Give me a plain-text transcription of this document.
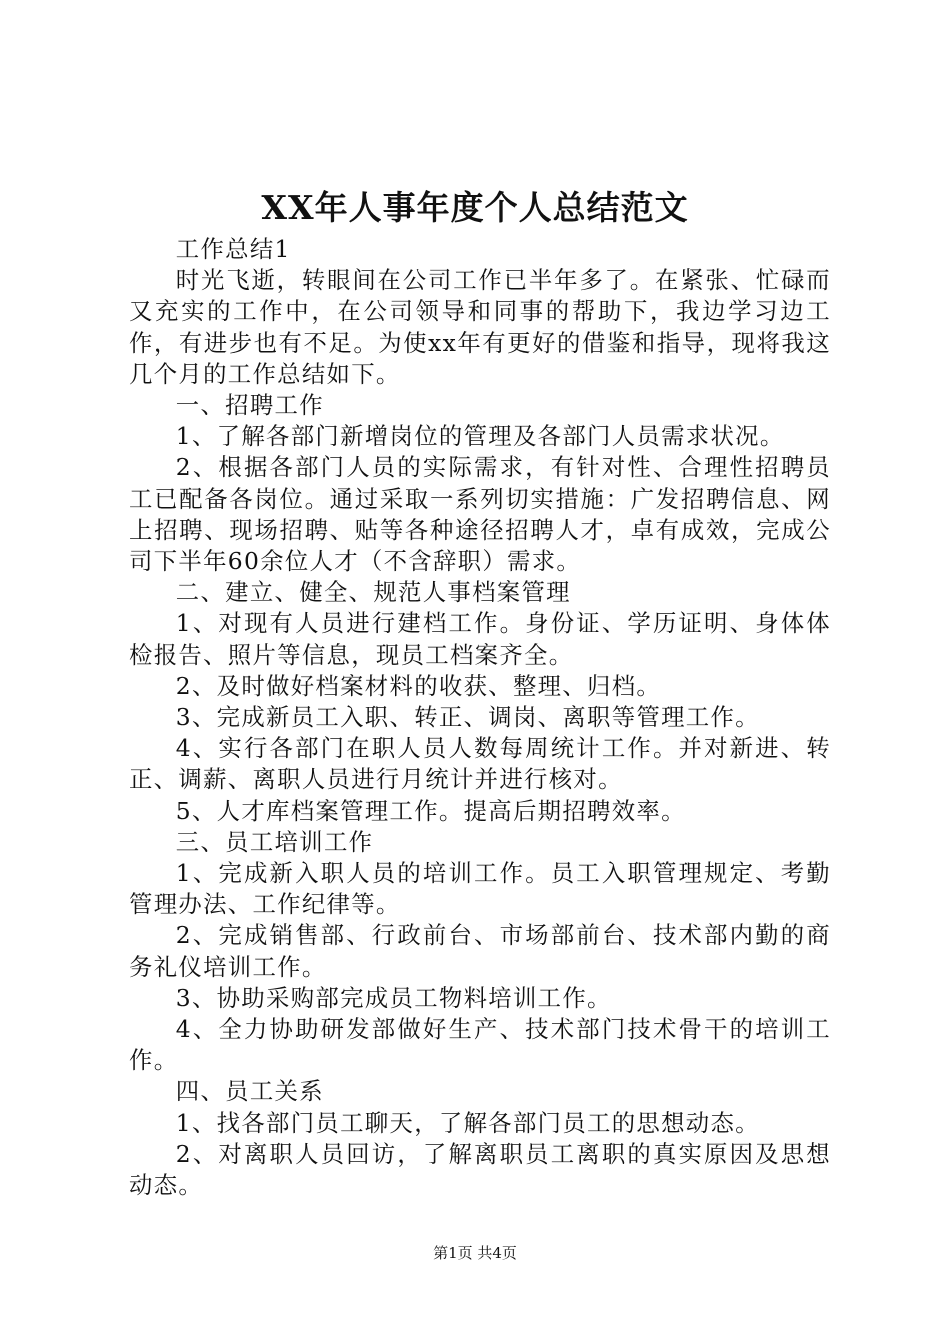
XX年人事年度个人总结范文

工作总结1

时光飞逝，转眼间在公司工作已半年多了。在紧张、忙碌而又充实的工作中，在公司领导和同事的帮助下，我边学习边工作，有进步也有不足。为使xx年有更好的借鉴和指导，现将我这几个月的工作总结如下。

一、招聘工作

1、了解各部门新增岗位的管理及各部门人员需求状况。

2、根据各部门人员的实际需求，有针对性、合理性招聘员工已配备各岗位。通过采取一系列切实措施：广发招聘信息、网上招聘、现场招聘、贴等各种途径招聘人才，卓有成效，完成公司下半年60余位人才（不含辞职）需求。

二、建立、健全、规范人事档案管理

1、对现有人员进行建档工作。身份证、学历证明、身体体检报告、照片等信息，现员工档案齐全。

2、及时做好档案材料的收获、整理、归档。

3、完成新员工入职、转正、调岗、离职等管理工作。

4、实行各部门在职人员人数每周统计工作。并对新进、转正、调薪、离职人员进行月统计并进行核对。

5、人才库档案管理工作。提高后期招聘效率。

三、员工培训工作

1、完成新入职人员的培训工作。员工入职管理规定、考勤管理办法、工作纪律等。

2、完成销售部、行政前台、市场部前台、技术部内勤的商务礼仪培训工作。

3、协助采购部完成员工物料培训工作。

4、全力协助研发部做好生产、技术部门技术骨干的培训工作。

四、员工关系

1、找各部门员工聊天，了解各部门员工的思想动态。

2、对离职人员回访，了解离职员工离职的真实原因及思想动态。

第1页 共4页
